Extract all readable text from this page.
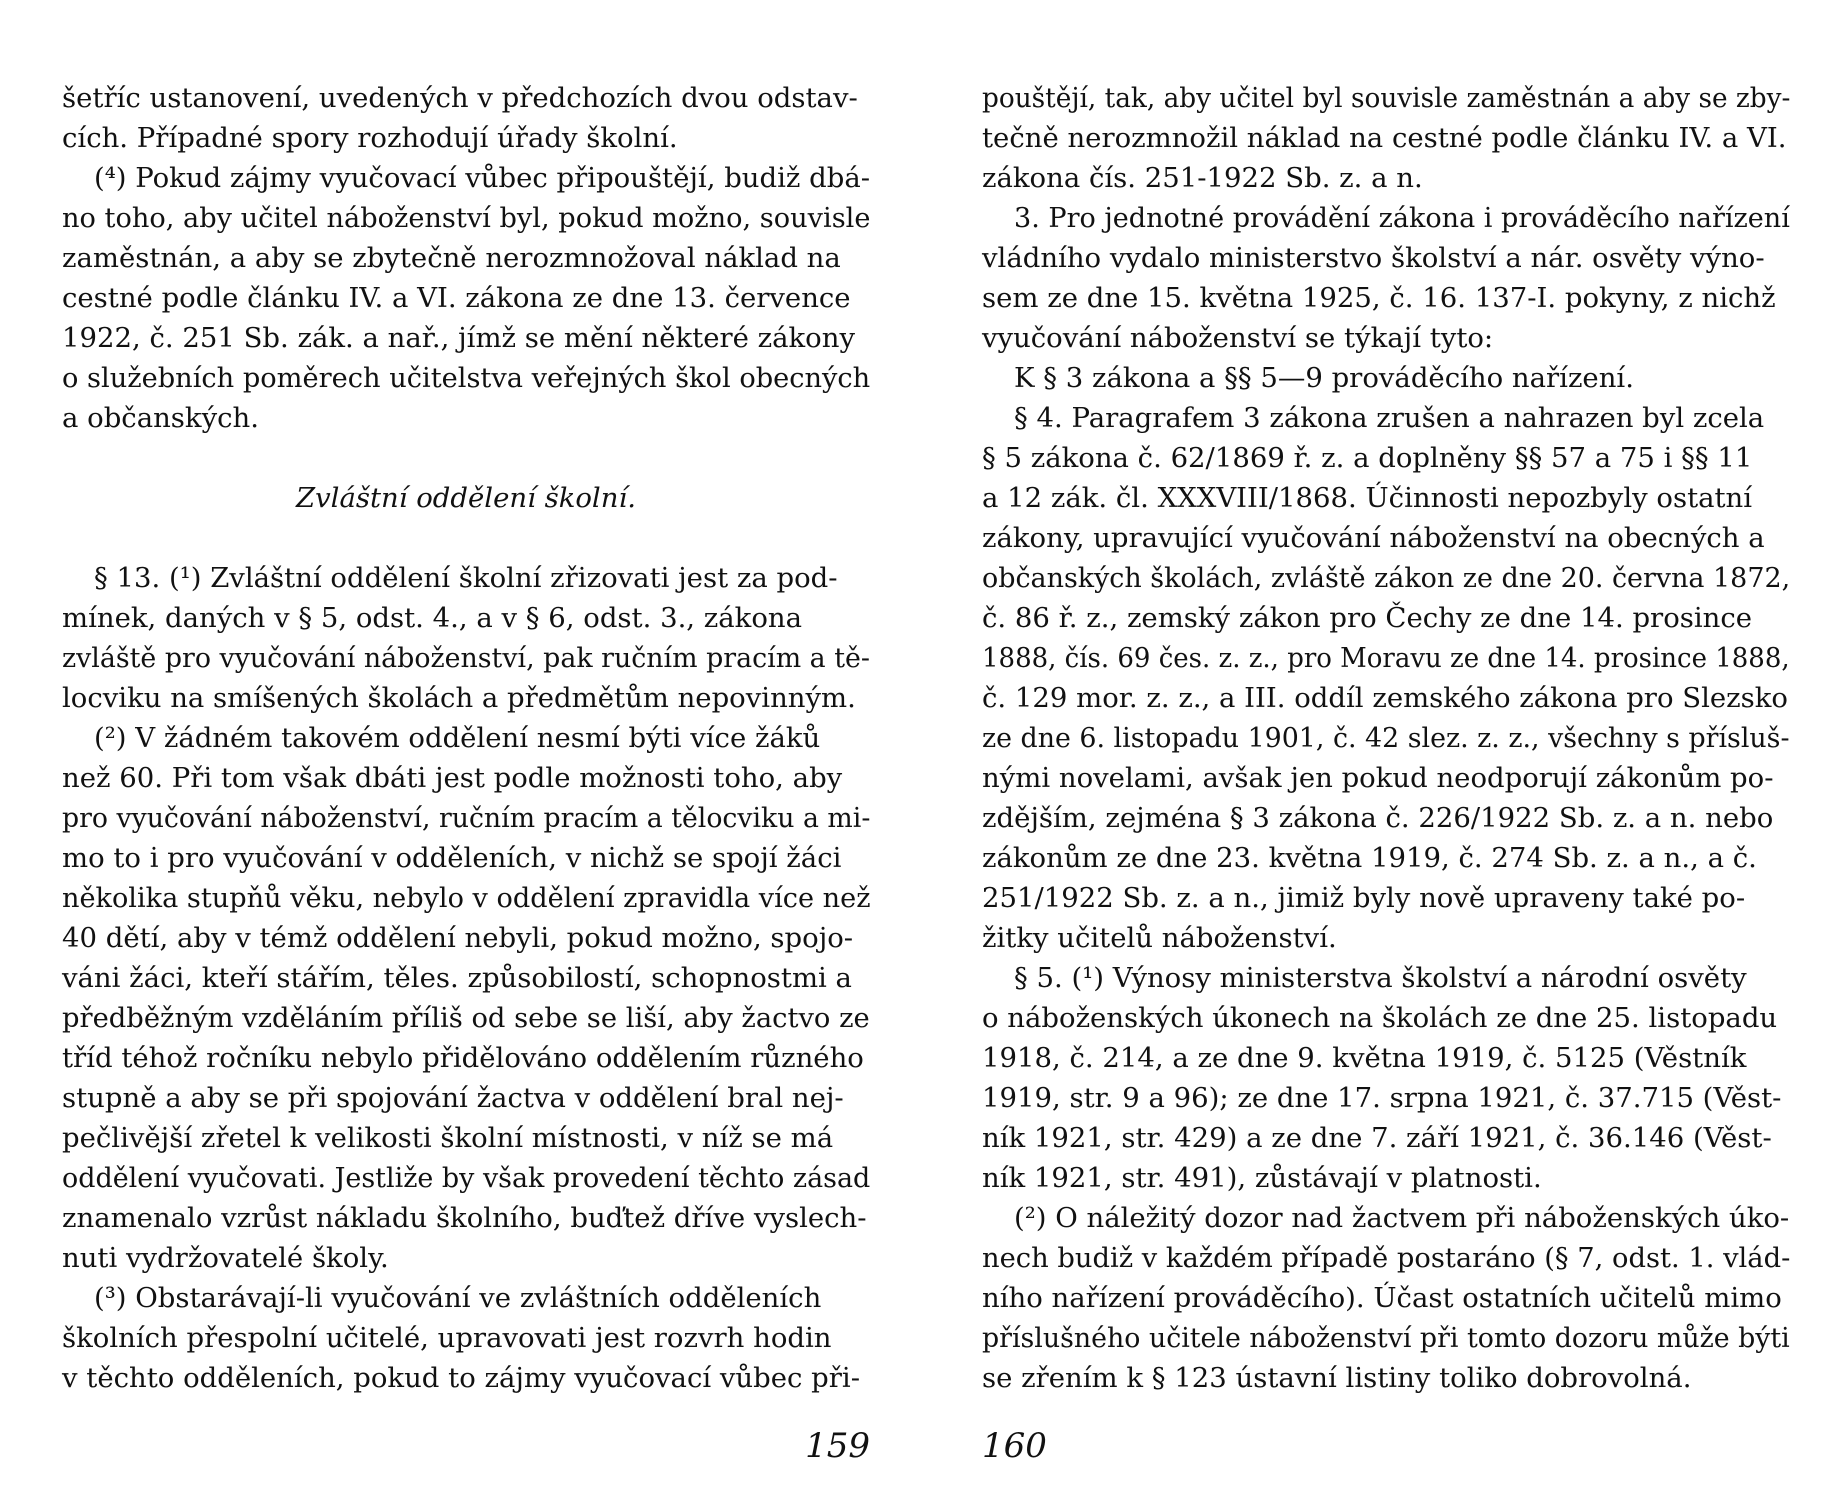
šetříc ustanovení, uvedených v předchozích dvou odstav-
cích. Případné spory rozhodují úřady školní.
(⁴) Pokud zájmy vyučovací vůbec připouštějí, budiž dbá-
no toho, aby učitel náboženství byl, pokud možno, souvisle
zaměstnán, a aby se zbytečně nerozmnožoval náklad na
cestné podle článku IV. a VI. zákona ze dne 13. července
1922, č. 251 Sb. zák. a nař., jímž se mění některé zákony
o služebních poměrech učitelstva veřejných škol obecných
a občanských.
Zvláštní oddělení školní.
§ 13. (¹) Zvláštní oddělení školní zřizovati jest za pod-
mínek, daných v § 5, odst. 4., a v § 6, odst. 3., zákona
zvláště pro vyučování náboženství, pak ručním pracím a tě-
locviku na smíšených školách a předmětům nepovinným.
(²) V žádném takovém oddělení nesmí býti více žáků
než 60. Při tom však dbáti jest podle možnosti toho, aby
pro vyučování náboženství, ručním pracím a tělocviku a mi-
mo to i pro vyučování v odděleních, v nichž se spojí žáci
několika stupňů věku, nebylo v oddělení zpravidla více než
40 dětí, aby v témž oddělení nebyli, pokud možno, spojo-
váni žáci, kteří stářím, těles. způsobilostí, schopnostmi a
předběžným vzděláním příliš od sebe se liší, aby žactvo ze
tříd téhož ročníku nebylo přidělováno oddělením různého
stupně a aby se při spojování žactva v oddělení bral nej-
pečlivější zřetel k velikosti školní místnosti, v níž se má
oddělení vyučovati. Jestliže by však provedení těchto zásad
znamenalo vzrůst nákladu školního, buďtež dříve vyslech-
nuti vydržovatelé školy.
(³) Obstarávají-li vyučování ve zvláštních odděleních
školních přespolní učitelé, upravovati jest rozvrh hodin
v těchto odděleních, pokud to zájmy vyučovací vůbec při-
159
pouštějí, tak, aby učitel byl souvisle zaměstnán a aby se zby-
tečně nerozmnožil náklad na cestné podle článku IV. a VI.
zákona čís. 251-1922 Sb. z. a n.
3. Pro jednotné provádění zákona i prováděcího nařízení
vládního vydalo ministerstvo školství a nár. osvěty výno-
sem ze dne 15. května 1925, č. 16. 137-I. pokyny, z nichž
vyučování náboženství se týkají tyto:
K § 3 zákona a §§ 5—9 prováděcího nařízení.
§ 4. Paragrafem 3 zákona zrušen a nahrazen byl zcela
§ 5 zákona č. 62/1869 ř. z. a doplněny §§ 57 a 75 i §§ 11
a 12 zák. čl. XXXVIII/1868. Účinnosti nepozbyly ostatní
zákony, upravující vyučování náboženství na obecných a
občanských školách, zvláště zákon ze dne 20. června 1872,
č. 86 ř. z., zemský zákon pro Čechy ze dne 14. prosince
1888, čís. 69 čes. z. z., pro Moravu ze dne 14. prosince 1888,
č. 129 mor. z. z., a III. oddíl zemského zákona pro Slezsko
ze dne 6. listopadu 1901, č. 42 slez. z. z., všechny s přísluš-
nými novelami, avšak jen pokud neodporují zákonům po-
zdějším, zejména § 3 zákona č. 226/1922 Sb. z. a n. nebo
zákonům ze dne 23. května 1919, č. 274 Sb. z. a n., a č.
251/1922 Sb. z. a n., jimiž byly nově upraveny také po-
žitky učitelů náboženství.
§ 5. (¹) Výnosy ministerstva školství a národní osvěty
o náboženských úkonech na školách ze dne 25. listopadu
1918, č. 214, a ze dne 9. května 1919, č. 5125 (Věstník
1919, str. 9 a 96); ze dne 17. srpna 1921, č. 37.715 (Věst-
ník 1921, str. 429) a ze dne 7. září 1921, č. 36.146 (Věst-
ník 1921, str. 491), zůstávají v platnosti.
(²) O náležitý dozor nad žactvem při náboženských úko-
nech budiž v každém případě postaráno (§ 7, odst. 1. vlád-
ního nařízení prováděcího). Účast ostatních učitelů mimo
příslušného učitele náboženství při tomto dozoru může býti
se zřením k § 123 ústavní listiny toliko dobrovolná.
160
